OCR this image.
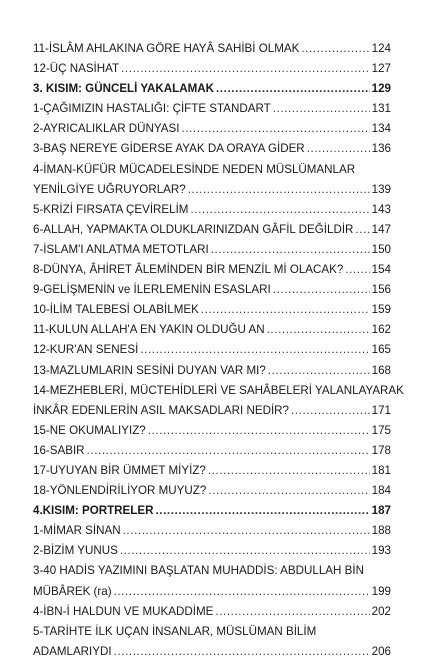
11-İSLÂM AHLAKINA GÖRE HAYÂ SAHİBİ OLMAK .....	124
12-ÜÇ NASİHAT .....	127
3. KISIM: GÜNCELİ YAKALAMAK .....	129
1-ÇAĞIMIZIN HASTALIĞI: ÇİFTE STANDART .....	131
2-AYRICALIKLAR DÜNYASI .....	134
3-BAŞ NEREYE GİDERSE AYAK DA ORAYA GİDER .....	136
4-İMAN-KÜFÜR MÜCADELESİNDE NEDEN MÜSLÜMANLAR
YENİLGİYE UĞRUYORLAR? .....	139
5-KRİZİ FIRSATA ÇEVİRELİM .....	143
6-ALLAH, YAPMAKTA OLDUKLARINIZDAN GÂFİL DEĞİLDİR ..... 147
7-İSLAM'I ANLATMA METOTLARI .....	150
8-DÜNYA, ÂHİRET ÂLEMİNDEN BİR MENZİL Mİ OLACAK? ..... 154
9-GELİŞMENİN ve İLERLEMENİN ESASLARI .....	156
10-İLİM TALEBESİ OLABİLMEK .....	159
11-KULUN ALLAH'A EN YAKIN OLDUĞU AN .....	162
12-KUR'AN SENESİ .....	165
13-MAZLUMLARIN SESİNİ DUYAN VAR MI? .....	168
14-MEZHEBLERİ, MÜCTEHİDLERİ VE SAHÂBELERİ YALANLAYARAK
İNKÂR EDENLERİN ASIL MAKSADLARI NEDİR? .....	171
15-NE OKUMALIYIZ? .....	175
16-SABIR .....	178
17-UYUYAN BİR ÜMMET MİYİZ? .....	181
18-YÖNLENDİRİLİYOR MUYUZ? .....	184
4.KISIM: PORTRELER .....	187
1-MİMAR SİNAN .....	188
2-BİZİM YUNUS .....	193
3-40 HADİS YAZIMINI BAŞLATAN MUHADDİS: ABDULLAH BİN
MÜBÂREK (ra) .....	199
4-İBN-İ HALDUN VE MUKADDİME .....	202
5-TARİHTE İLK UÇAN İNSANLAR, MÜSLÜMAN BİLİM
ADAMLARIYDI .....	206
